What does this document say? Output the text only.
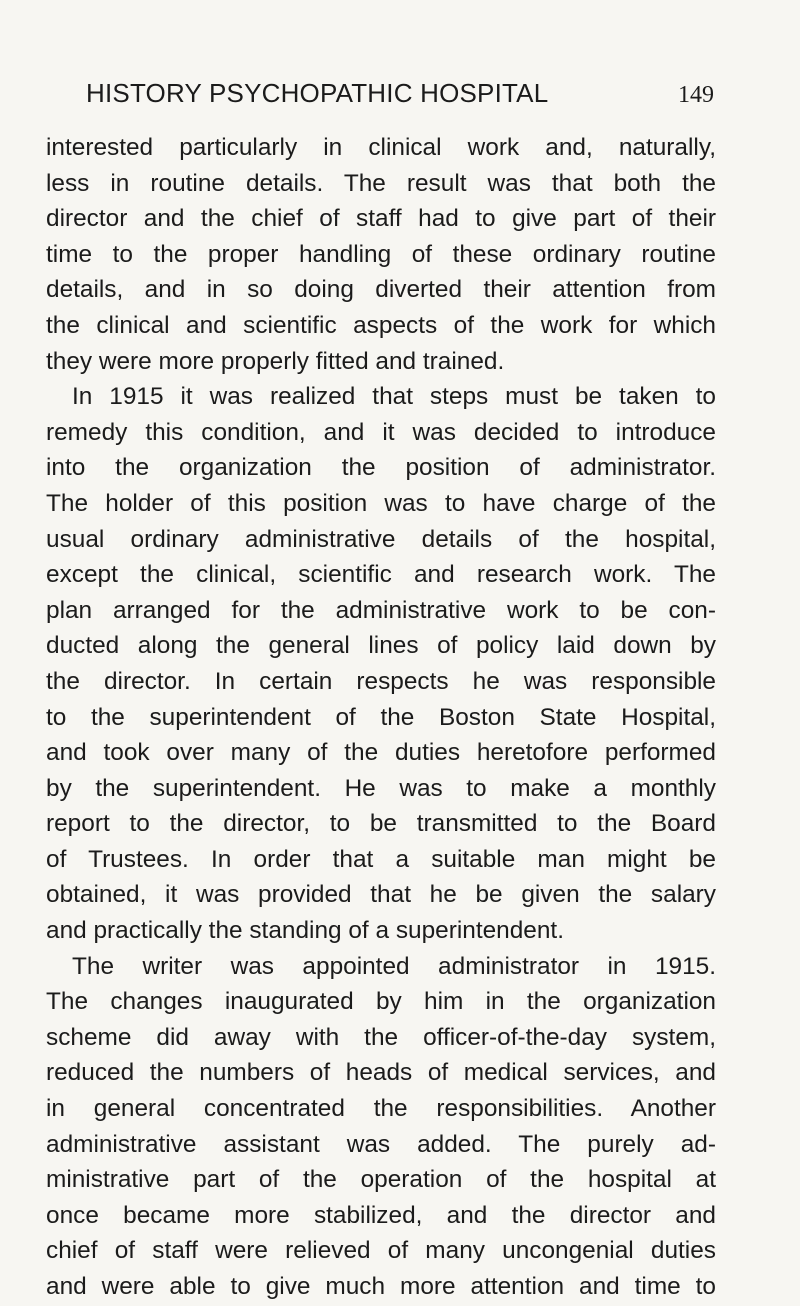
HISTORY PSYCHOPATHIC HOSPITAL	149
interested particularly in clinical work and, naturally,
less in routine details. The result was that both the
director and the chief of staff had to give part of their
time to the proper handling of these ordinary routine
details, and in so doing diverted their attention from
the clinical and scientific aspects of the work for which
they were more properly fitted and trained.
In 1915 it was realized that steps must be taken to
remedy this condition, and it was decided to introduce
into the organization the position of administrator.
The holder of this position was to have charge of the
usual ordinary administrative details of the hospital,
except the clinical, scientific and research work. The
plan arranged for the administrative work to be con-
ducted along the general lines of policy laid down by
the director. In certain respects he was responsible
to the superintendent of the Boston State Hospital,
and took over many of the duties heretofore performed
by the superintendent. He was to make a monthly
report to the director, to be transmitted to the Board
of Trustees. In order that a suitable man might be
obtained, it was provided that he be given the salary
and practically the standing of a superintendent.
The writer was appointed administrator in 1915.
The changes inaugurated by him in the organization
scheme did away with the officer-of-the-day system,
reduced the numbers of heads of medical services, and
in general concentrated the responsibilities. Another
administrative assistant was added. The purely ad-
ministrative part of the operation of the hospital at
once became more stabilized, and the director and
chief of staff were relieved of many uncongenial duties
and were able to give much more attention and time to
